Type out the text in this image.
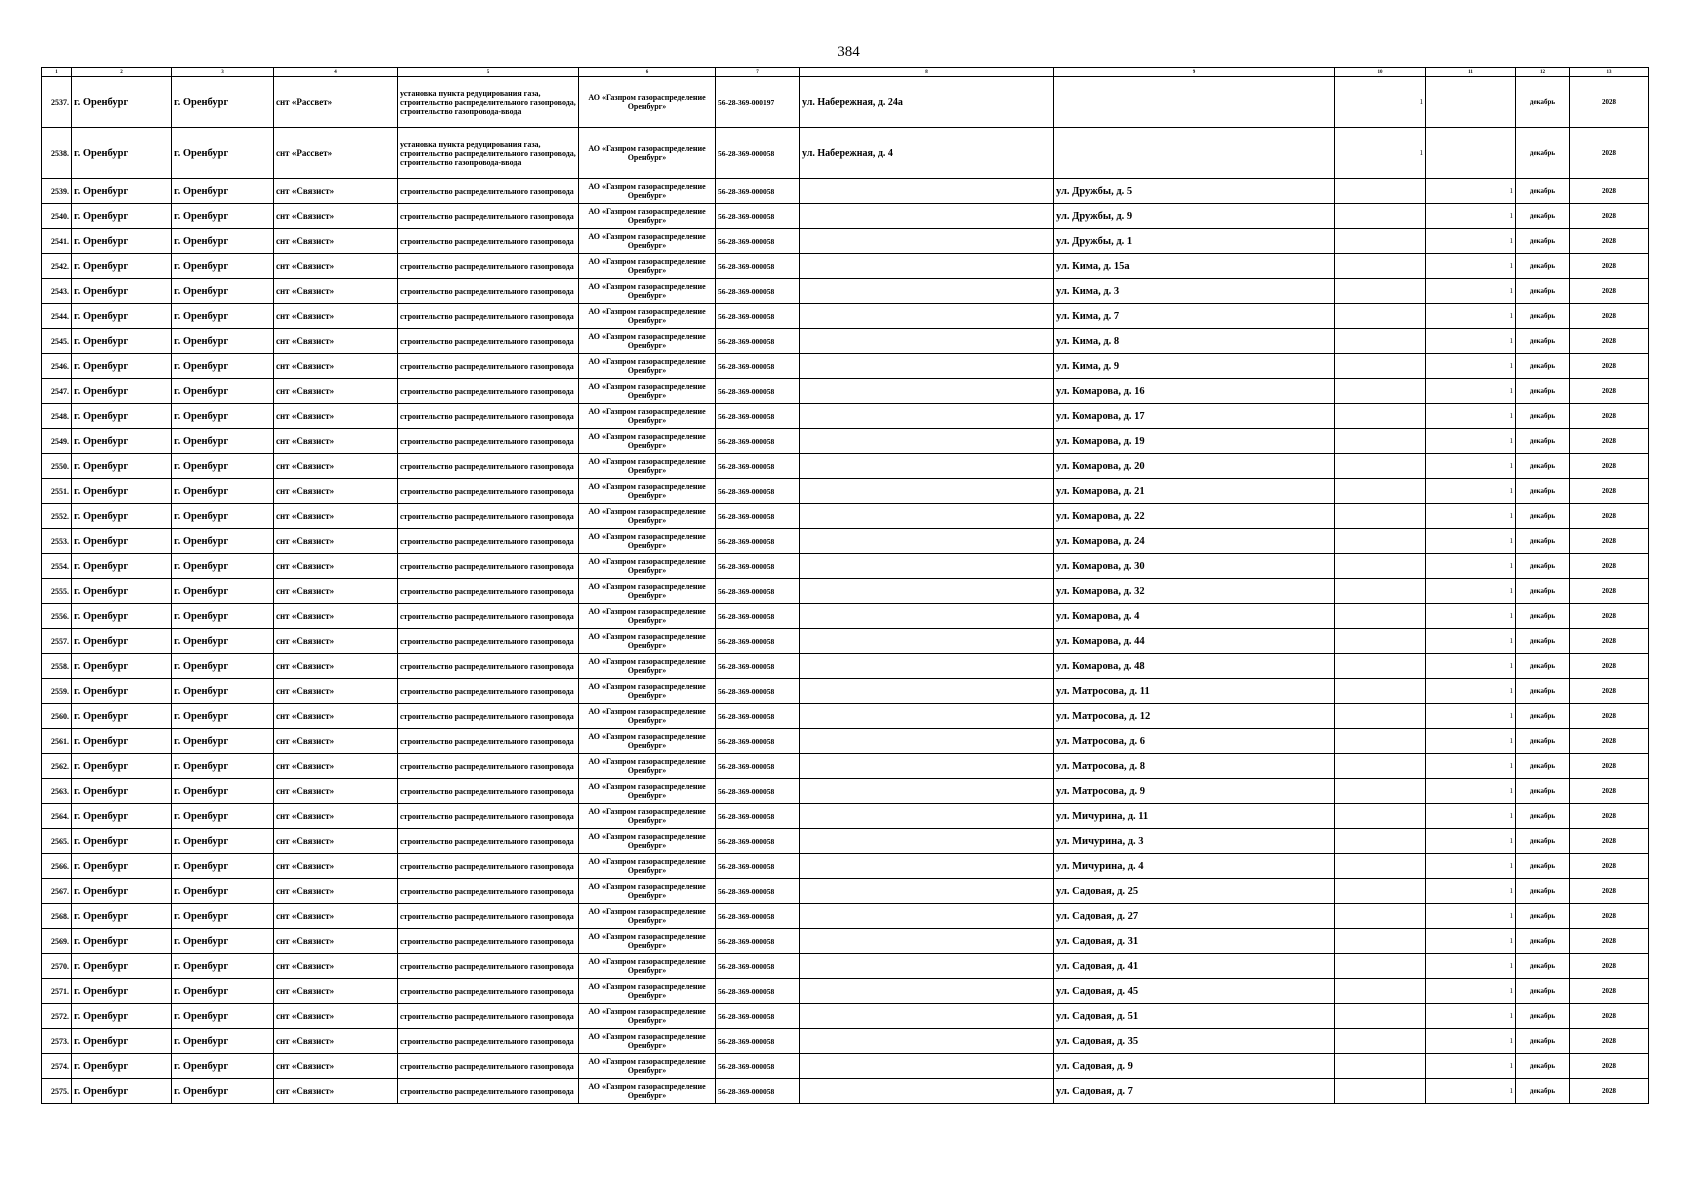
384
1	2	3	4	5	6	7	8	9	10	11	12	13
2537.	г. Оренбург	г. Оренбург	снт «Рассвет»	установка пункта редуцирования газа, строительство распределительного газопровода, строительство газопровода-ввода	АО «Газпром газораспределение Оренбург»	56-28-369-000197	ул. Набережная, д. 24а		1		декабрь	2028
2538.	г. Оренбург	г. Оренбург	снт «Рассвет»	установка пункта редуцирования газа, строительство распределительного газопровода, строительство газопровода-ввода	АО «Газпром газораспределение Оренбург»	56-28-369-000058	ул. Набережная, д. 4		1		декабрь	2028
2539.	г. Оренбург	г. Оренбург	снт «Связист»	строительство распределительного газопровода	АО «Газпром газораспределение Оренбург»	56-28-369-000058		ул. Дружбы, д. 5		1	декабрь	2028
2540.	г. Оренбург	г. Оренбург	снт «Связист»	строительство распределительного газопровода	АО «Газпром газораспределение Оренбург»	56-28-369-000058		ул. Дружбы, д. 9		1	декабрь	2028
2541.	г. Оренбург	г. Оренбург	снт «Связист»	строительство распределительного газопровода	АО «Газпром газораспределение Оренбург»	56-28-369-000058		ул. Дружбы, д. 1		1	декабрь	2028
2542.	г. Оренбург	г. Оренбург	снт «Связист»	строительство распределительного газопровода	АО «Газпром газораспределение Оренбург»	56-28-369-000058		ул. Кима, д. 15а		1	декабрь	2028
2543.	г. Оренбург	г. Оренбург	снт «Связист»	строительство распределительного газопровода	АО «Газпром газораспределение Оренбург»	56-28-369-000058		ул. Кима, д. 3		1	декабрь	2028
2544.	г. Оренбург	г. Оренбург	снт «Связист»	строительство распределительного газопровода	АО «Газпром газораспределение Оренбург»	56-28-369-000058		ул. Кима, д. 7		1	декабрь	2028
2545.	г. Оренбург	г. Оренбург	снт «Связист»	строительство распределительного газопровода	АО «Газпром газораспределение Оренбург»	56-28-369-000058		ул. Кима, д. 8		1	декабрь	2028
2546.	г. Оренбург	г. Оренбург	снт «Связист»	строительство распределительного газопровода	АО «Газпром газораспределение Оренбург»	56-28-369-000058		ул. Кима, д. 9		1	декабрь	2028
2547.	г. Оренбург	г. Оренбург	снт «Связист»	строительство распределительного газопровода	АО «Газпром газораспределение Оренбург»	56-28-369-000058		ул. Комарова, д. 16		1	декабрь	2028
2548.	г. Оренбург	г. Оренбург	снт «Связист»	строительство распределительного газопровода	АО «Газпром газораспределение Оренбург»	56-28-369-000058		ул. Комарова, д. 17		1	декабрь	2028
2549.	г. Оренбург	г. Оренбург	снт «Связист»	строительство распределительного газопровода	АО «Газпром газораспределение Оренбург»	56-28-369-000058		ул. Комарова, д. 19		1	декабрь	2028
2550.	г. Оренбург	г. Оренбург	снт «Связист»	строительство распределительного газопровода	АО «Газпром газораспределение Оренбург»	56-28-369-000058		ул. Комарова, д. 20		1	декабрь	2028
2551.	г. Оренбург	г. Оренбург	снт «Связист»	строительство распределительного газопровода	АО «Газпром газораспределение Оренбург»	56-28-369-000058		ул. Комарова, д. 21		1	декабрь	2028
2552.	г. Оренбург	г. Оренбург	снт «Связист»	строительство распределительного газопровода	АО «Газпром газораспределение Оренбург»	56-28-369-000058		ул. Комарова, д. 22		1	декабрь	2028
2553.	г. Оренбург	г. Оренбург	снт «Связист»	строительство распределительного газопровода	АО «Газпром газораспределение Оренбург»	56-28-369-000058		ул. Комарова, д. 24		1	декабрь	2028
2554.	г. Оренбург	г. Оренбург	снт «Связист»	строительство распределительного газопровода	АО «Газпром газораспределение Оренбург»	56-28-369-000058		ул. Комарова, д. 30		1	декабрь	2028
2555.	г. Оренбург	г. Оренбург	снт «Связист»	строительство распределительного газопровода	АО «Газпром газораспределение Оренбург»	56-28-369-000058		ул. Комарова, д. 32		1	декабрь	2028
2556.	г. Оренбург	г. Оренбург	снт «Связист»	строительство распределительного газопровода	АО «Газпром газораспределение Оренбург»	56-28-369-000058		ул. Комарова, д. 4		1	декабрь	2028
2557.	г. Оренбург	г. Оренбург	снт «Связист»	строительство распределительного газопровода	АО «Газпром газораспределение Оренбург»	56-28-369-000058		ул. Комарова, д. 44		1	декабрь	2028
2558.	г. Оренбург	г. Оренбург	снт «Связист»	строительство распределительного газопровода	АО «Газпром газораспределение Оренбург»	56-28-369-000058		ул. Комарова, д. 48		1	декабрь	2028
2559.	г. Оренбург	г. Оренбург	снт «Связист»	строительство распределительного газопровода	АО «Газпром газораспределение Оренбург»	56-28-369-000058		ул. Матросова, д. 11		1	декабрь	2028
2560.	г. Оренбург	г. Оренбург	снт «Связист»	строительство распределительного газопровода	АО «Газпром газораспределение Оренбург»	56-28-369-000058		ул. Матросова, д. 12		1	декабрь	2028
2561.	г. Оренбург	г. Оренбург	снт «Связист»	строительство распределительного газопровода	АО «Газпром газораспределение Оренбург»	56-28-369-000058		ул. Матросова, д. 6		1	декабрь	2028
2562.	г. Оренбург	г. Оренбург	снт «Связист»	строительство распределительного газопровода	АО «Газпром газораспределение Оренбург»	56-28-369-000058		ул. Матросова, д. 8		1	декабрь	2028
2563.	г. Оренбург	г. Оренбург	снт «Связист»	строительство распределительного газопровода	АО «Газпром газораспределение Оренбург»	56-28-369-000058		ул. Матросова, д. 9		1	декабрь	2028
2564.	г. Оренбург	г. Оренбург	снт «Связист»	строительство распределительного газопровода	АО «Газпром газораспределение Оренбург»	56-28-369-000058		ул. Мичурина, д. 11		1	декабрь	2028
2565.	г. Оренбург	г. Оренбург	снт «Связист»	строительство распределительного газопровода	АО «Газпром газораспределение Оренбург»	56-28-369-000058		ул. Мичурина, д. 3		1	декабрь	2028
2566.	г. Оренбург	г. Оренбург	снт «Связист»	строительство распределительного газопровода	АО «Газпром газораспределение Оренбург»	56-28-369-000058		ул. Мичурина, д. 4		1	декабрь	2028
2567.	г. Оренбург	г. Оренбург	снт «Связист»	строительство распределительного газопровода	АО «Газпром газораспределение Оренбург»	56-28-369-000058		ул. Садовая, д. 25		1	декабрь	2028
2568.	г. Оренбург	г. Оренбург	снт «Связист»	строительство распределительного газопровода	АО «Газпром газораспределение Оренбург»	56-28-369-000058		ул. Садовая, д. 27		1	декабрь	2028
2569.	г. Оренбург	г. Оренбург	снт «Связист»	строительство распределительного газопровода	АО «Газпром газораспределение Оренбург»	56-28-369-000058		ул. Садовая, д. 31		1	декабрь	2028
2570.	г. Оренбург	г. Оренбург	снт «Связист»	строительство распределительного газопровода	АО «Газпром газораспределение Оренбург»	56-28-369-000058		ул. Садовая, д. 41		1	декабрь	2028
2571.	г. Оренбург	г. Оренбург	снт «Связист»	строительство распределительного газопровода	АО «Газпром газораспределение Оренбург»	56-28-369-000058		ул. Садовая, д. 45		1	декабрь	2028
2572.	г. Оренбург	г. Оренбург	снт «Связист»	строительство распределительного газопровода	АО «Газпром газораспределение Оренбург»	56-28-369-000058		ул. Садовая, д. 51		1	декабрь	2028
2573.	г. Оренбург	г. Оренбург	снт «Связист»	строительство распределительного газопровода	АО «Газпром газораспределение Оренбург»	56-28-369-000058		ул. Садовая, д. 35		1	декабрь	2028
2574.	г. Оренбург	г. Оренбург	снт «Связист»	строительство распределительного газопровода	АО «Газпром газораспределение Оренбург»	56-28-369-000058		ул. Садовая, д. 9		1	декабрь	2028
2575.	г. Оренбург	г. Оренбург	снт «Связист»	строительство распределительного газопровода	АО «Газпром газораспределение Оренбург»	56-28-369-000058		ул. Садовая, д. 7		1	декабрь	2028
